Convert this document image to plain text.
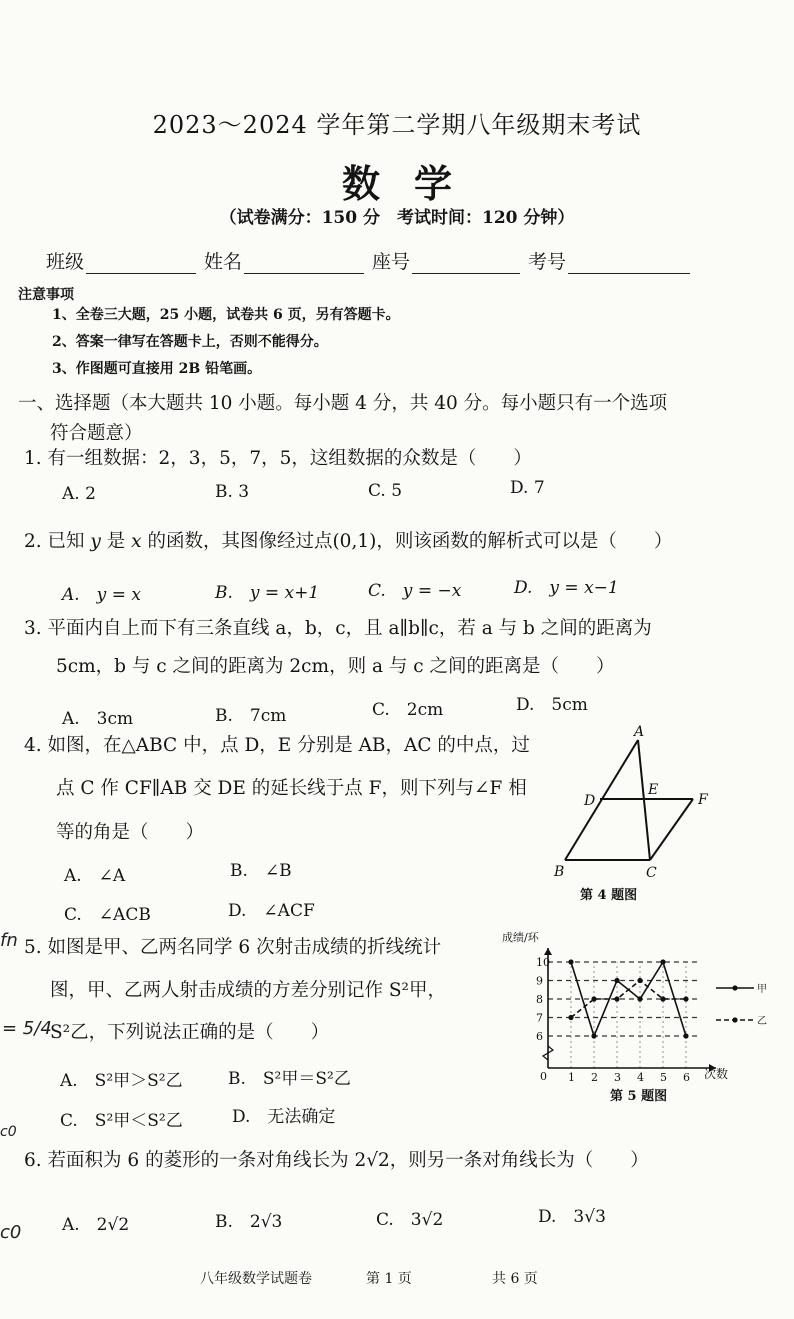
2023～2024 学年第二学期八年级期末考试
数学
（试卷满分：150 分　考试时间：120 分钟）
班级	姓名	座号	考号
注意事项
1、全卷三大题，25 小题，试卷共 6 页，另有答题卡。
2、答案一律写在答题卡上，否则不能得分。
3、作图题可直接用 2B 铅笔画。
一、选择题（本大题共 10 小题。每小题 4 分，共 40 分。每小题只有一个选项
符合题意）
1. 有一组数据：2，3，5，7，5，这组数据的众数是（　　）
A. 2	B. 3	C. 5	D. 7
2. 已知 y 是 x 的函数，其图像经过点(0,1)，则该函数的解析式可以是（　　）
A.　y = x	B.　y = x+1	C.　y = −x	D.　y = x−1
3. 平面内自上而下有三条直线 a，b，c，且 a∥b∥c，若 a 与 b 之间的距离为
5cm，b 与 c 之间的距离为 2cm，则 a 与 c 之间的距离是（　　）
A.　3cm	B.　7cm	C.　2cm	D.　5cm
4. 如图，在△ABC 中，点 D，E 分别是 AB，AC 的中点，过
点 C 作 CF∥AB 交 DE 的延长线于点 F，则下列与∠F 相
等的角是（　　）
A.　∠A	B.　∠B
C.　∠ACB	D.　∠ACF
A
D
E
F
B	C
第 4 题图
5. 如图是甲、乙两名同学 6 次射击成绩的折线统计
图，甲、乙两人射击成绩的方差分别记作 S²甲，
S²乙，下列说法正确的是（　　）
A.　S²甲＞S²乙	B.　S²甲＝S²乙
C.　S²甲＜S²乙	D.　无法确定
6
7
8
9
10
1 2 3 4 5 6
甲
乙
成绩/环
次数
0
第 5 题图
6. 若面积为 6 的菱形的一条对角线长为 2√2，则另一条对角线长为（　　）
A.　2√2	B.　2√3	C.　3√2	D.　3√3
fn
= 5/4
c0
c0
八年级数学试题卷	第 1 页	共 6 页
